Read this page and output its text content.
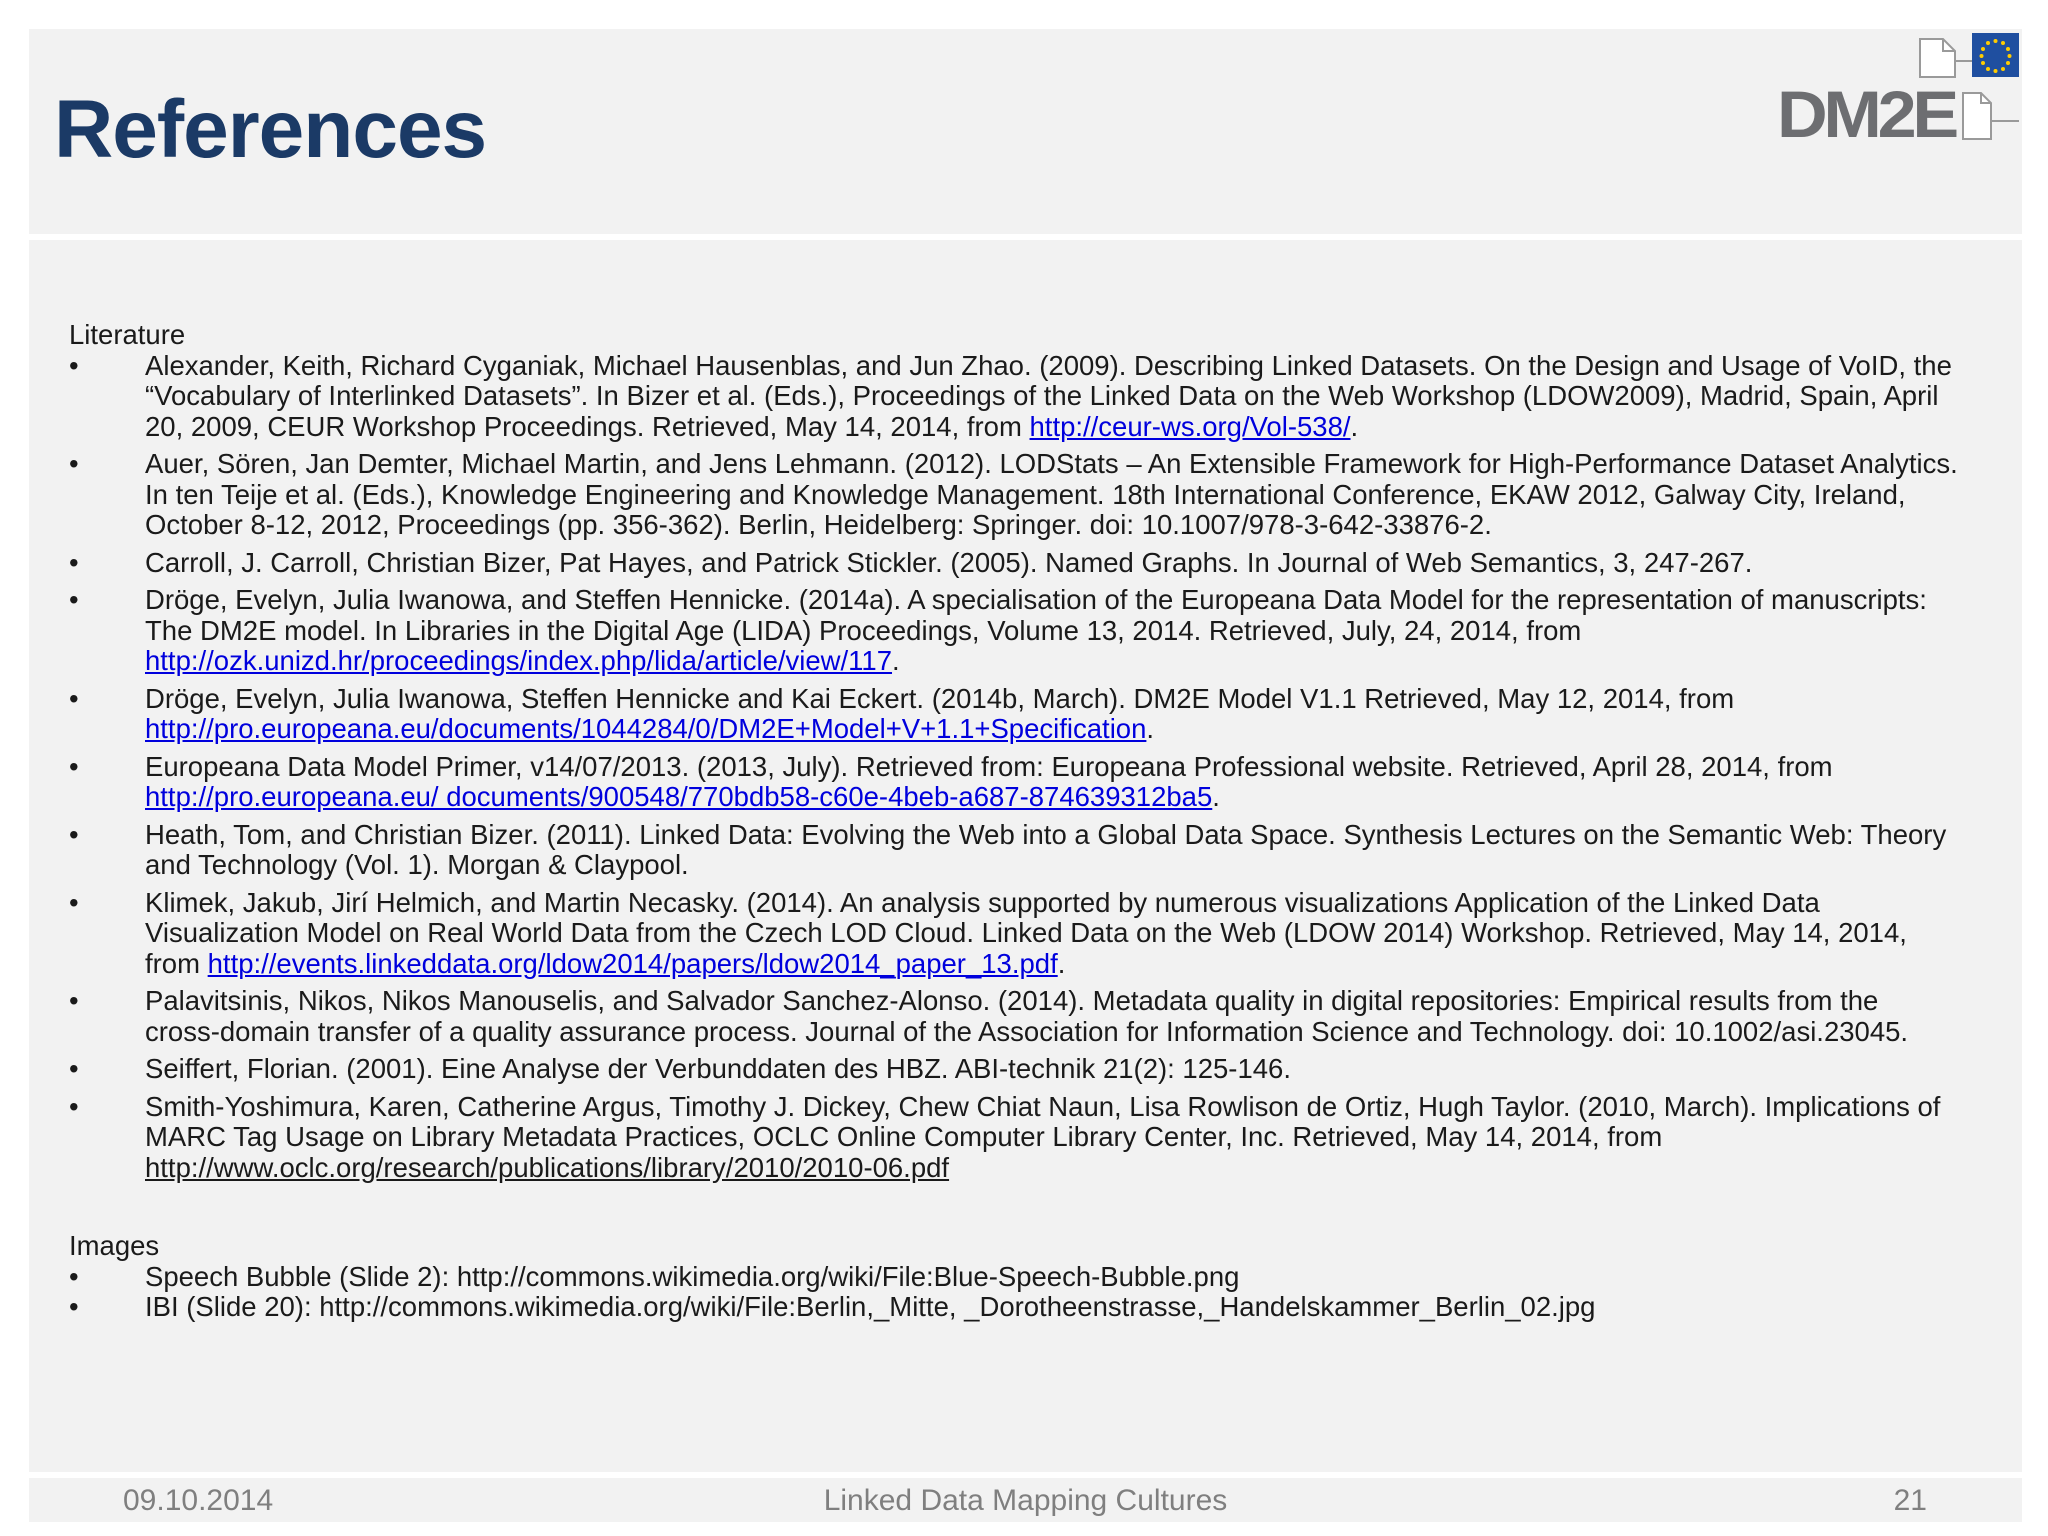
References	DM2E

Literature

• Alexander, Keith, Richard Cyganiak, Michael Hausenblas, and Jun Zhao. (2009). Describing Linked Datasets. On the Design and Usage of VoID, the “Vocabulary of Interlinked Datasets”. In Bizer et al. (Eds.), Proceedings of the Linked Data on the Web Workshop (LDOW2009), Madrid, Spain, April 20, 2009, CEUR Workshop Proceedings. Retrieved, May 14, 2014, from http://ceur-ws.org/Vol-538/.
• Auer, Sören, Jan Demter, Michael Martin, and Jens Lehmann. (2012). LODStats – An Extensible Framework for High-Performance Dataset Analytics. In ten Teije et al. (Eds.), Knowledge Engineering and Knowledge Management. 18th International Conference, EKAW 2012, Galway City, Ireland, October 8-12, 2012, Proceedings (pp. 356-362). Berlin, Heidelberg: Springer. doi: 10.1007/978-3-642-33876-2.
• Carroll, J. Carroll, Christian Bizer, Pat Hayes, and Patrick Stickler. (2005). Named Graphs. In Journal of Web Semantics, 3, 247-267.
• Dröge, Evelyn, Julia Iwanowa, and Steffen Hennicke. (2014a). A specialisation of the Europeana Data Model for the representation of manuscripts: The DM2E model. In Libraries in the Digital Age (LIDA) Proceedings, Volume 13, 2014. Retrieved, July, 24, 2014, from http://ozk.unizd.hr/proceedings/index.php/lida/article/view/117.
• Dröge, Evelyn, Julia Iwanowa, Steffen Hennicke and Kai Eckert. (2014b, March). DM2E Model V1.1 Retrieved, May 12, 2014, from http://pro.europeana.eu/documents/1044284/0/DM2E+Model+V+1.1+Specification.
• Europeana Data Model Primer, v14/07/2013. (2013, July). Retrieved from: Europeana Professional website. Retrieved, April 28, 2014, from http://pro.europeana.eu/ documents/900548/770bdb58-c60e-4beb-a687-874639312ba5.
• Heath, Tom, and Christian Bizer. (2011). Linked Data: Evolving the Web into a Global Data Space. Synthesis Lectures on the Semantic Web: Theory and Technology (Vol. 1). Morgan & Claypool.
• Klimek, Jakub, Jirí Helmich, and Martin Necasky. (2014). An analysis supported by numerous visualizations Application of the Linked Data Visualization Model on Real World Data from the Czech LOD Cloud. Linked Data on the Web (LDOW 2014) Workshop. Retrieved, May 14, 2014, from http://events.linkeddata.org/ldow2014/papers/ldow2014_paper_13.pdf.
• Palavitsinis, Nikos, Nikos Manouselis, and Salvador Sanchez-Alonso. (2014). Metadata quality in digital repositories: Empirical results from the cross-domain transfer of a quality assurance process. Journal of the Association for Information Science and Technology. doi: 10.1002/asi.23045.
• Seiffert, Florian. (2001). Eine Analyse der Verbunddaten des HBZ. ABI-technik 21(2): 125-146.
• Smith-Yoshimura, Karen, Catherine Argus, Timothy J. Dickey, Chew Chiat Naun, Lisa Rowlison de Ortiz, Hugh Taylor. (2010, March). Implications of MARC Tag Usage on Library Metadata Practices, OCLC Online Computer Library Center, Inc. Retrieved, May 14, 2014, from http://www.oclc.org/research/publications/library/2010/2010-06.pdf

Images

• Speech Bubble (Slide 2): http://commons.wikimedia.org/wiki/File:Blue-Speech-Bubble.png
• IBI (Slide 20): http://commons.wikimedia.org/wiki/File:Berlin,_Mitte, _Dorotheenstrasse,_Handelskammer_Berlin_02.jpg
09.10.2014	Linked Data Mapping Cultures	21
